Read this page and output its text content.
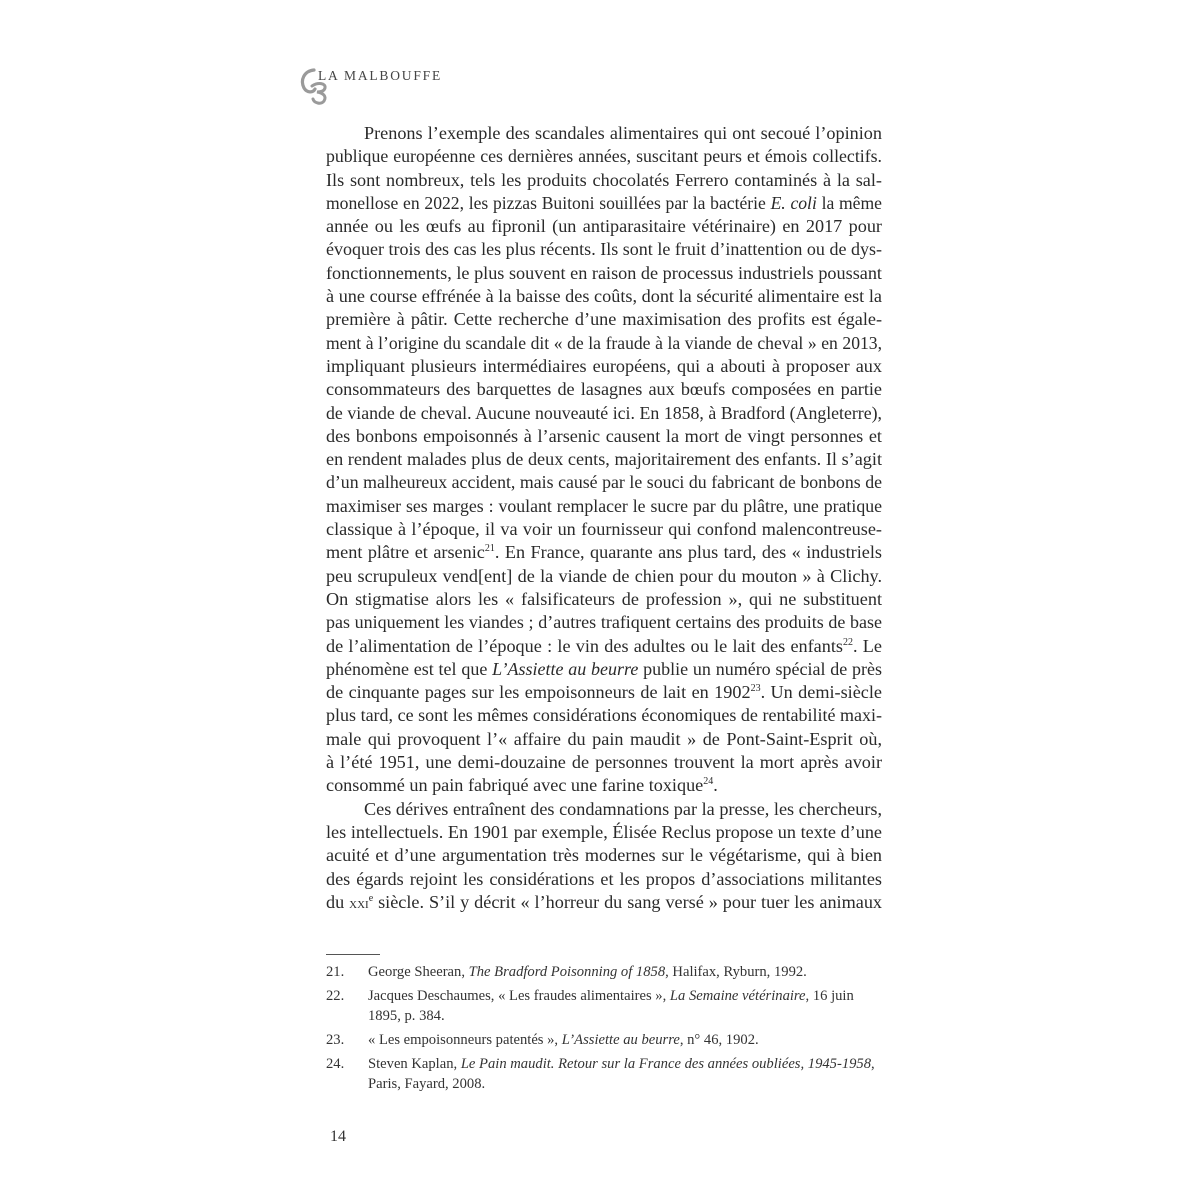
LA MALBOUFFE
Prenons l’exemple des scandales alimentaires qui ont secoué l’opinion
publique européenne ces dernières années, suscitant peurs et émois collectifs.
Ils sont nombreux, tels les produits chocolatés Ferrero contaminés à la sal-
monellose en 2022, les pizzas Buitoni souillées par la bactérie E. coli la même
année ou les œufs au fipronil (un antiparasitaire vétérinaire) en 2017 pour
évoquer trois des cas les plus récents. Ils sont le fruit d’inattention ou de dys-
fonctionnements, le plus souvent en raison de processus industriels poussant
à une course effrénée à la baisse des coûts, dont la sécurité alimentaire est la
première à pâtir. Cette recherche d’une maximisation des profits est égale-
ment à l’origine du scandale dit « de la fraude à la viande de cheval » en 2013,
impliquant plusieurs intermédiaires européens, qui a abouti à proposer aux
consommateurs des barquettes de lasagnes aux bœufs composées en partie
de viande de cheval. Aucune nouveauté ici. En 1858, à Bradford (Angleterre),
des bonbons empoisonnés à l’arsenic causent la mort de vingt personnes et
en rendent malades plus de deux cents, majoritairement des enfants. Il s’agit
d’un malheureux accident, mais causé par le souci du fabricant de bonbons de
maximiser ses marges : voulant remplacer le sucre par du plâtre, une pratique
classique à l’époque, il va voir un fournisseur qui confond malencontreuse-
ment plâtre et arsenic$^{21}$. En France, quarante ans plus tard, des « industriels
peu scrupuleux vend[ent] de la viande de chien pour du mouton » à Clichy.
On stigmatise alors les « falsificateurs de profession », qui ne substituent
pas uniquement les viandes ; d’autres trafiquent certains des produits de base
de l’alimentation de l’époque : le vin des adultes ou le lait des enfants$^{22}$. Le
phénomène est tel que L’Assiette au beurre publie un numéro spécial de près
de cinquante pages sur les empoisonneurs de lait en 1902$^{23}$. Un demi-siècle
plus tard, ce sont les mêmes considérations économiques de rentabilité maxi-
male qui provoquent l’« affaire du pain maudit » de Pont-Saint-Esprit où,
à l’été 1951, une demi-douzaine de personnes trouvent la mort après avoir
consommé un pain fabriqué avec une farine toxique$^{24}$.
Ces dérives entraînent des condamnations par la presse, les chercheurs,
les intellectuels. En 1901 par exemple, Élisée Reclus propose un texte d’une
acuité et d’une argumentation très modernes sur le végétarisme, qui à bien
des égards rejoint les considérations et les propos d’associations militantes
du xxi$^e$ siècle. S’il y décrit « l’horreur du sang versé » pour tuer les animaux
21. George Sheeran, The Bradford Poisonning of 1858, Halifax, Ryburn, 1992.
22. Jacques Deschaumes, « Les fraudes alimentaires », La Semaine vétérinaire, 16 juin 1895, p. 384.
23. « Les empoisonneurs patentés », L’Assiette au beurre, n° 46, 1902.
24. Steven Kaplan, Le Pain maudit. Retour sur la France des années oubliées, 1945-1958, Paris, Fayard, 2008.
14
